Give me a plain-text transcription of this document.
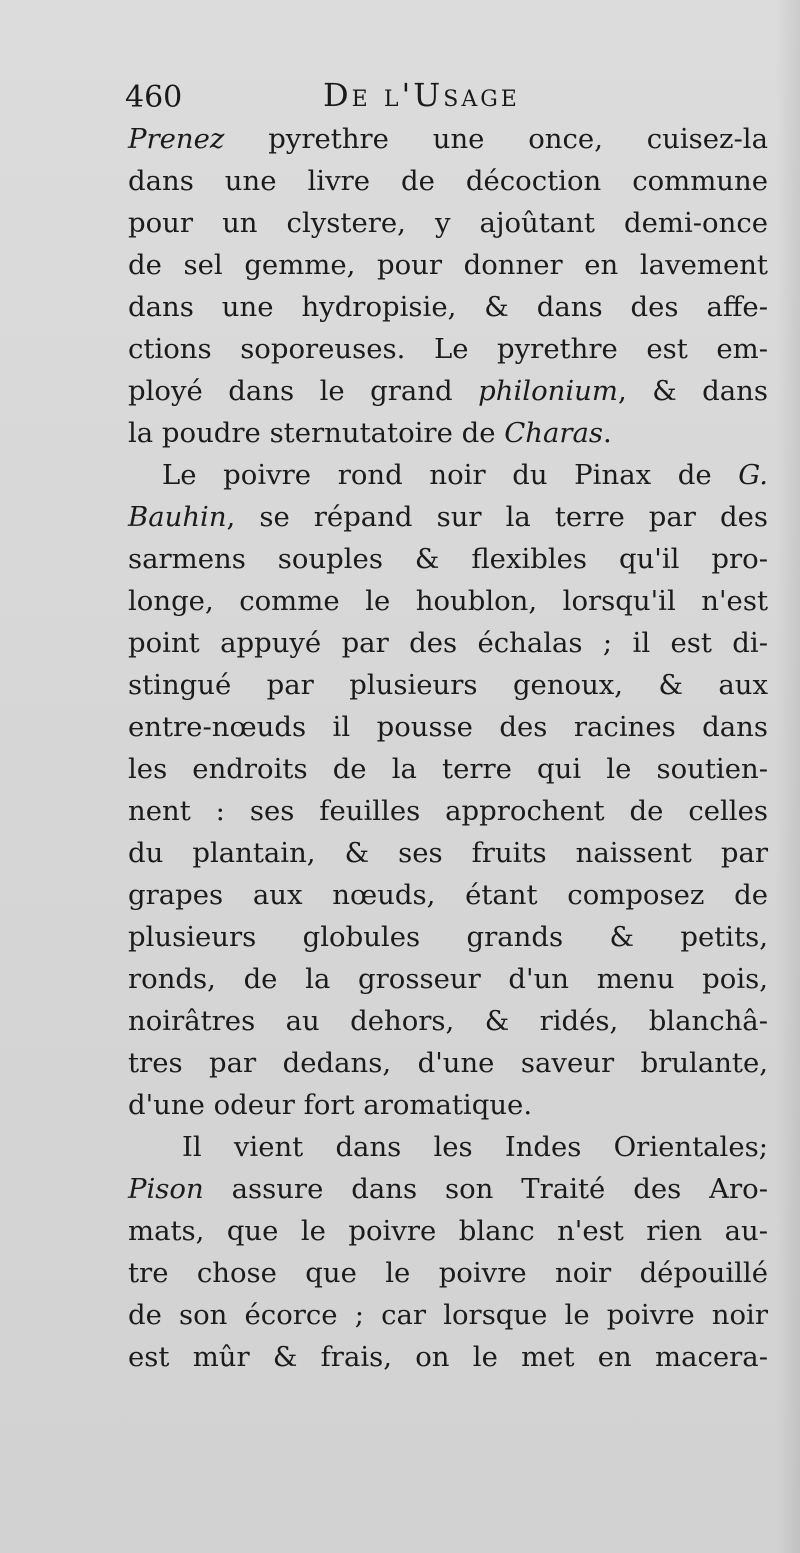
460	De l'Usage
Prenez pyrethre une once, cuisez-la
dans une livre de décoction commune
pour un clystere, y ajoûtant demi-once
de sel gemme, pour donner en lavement
dans une hydropisie, & dans des affe-
ctions soporeuses. Le pyrethre est em-
ployé dans le grand philonium, & dans
la poudre sternutatoire de Charas.
Le poivre rond noir du Pinax de G.
Bauhin, se répand sur la terre par des
sarmens souples & flexibles qu'il pro-
longe, comme le houblon, lorsqu'il n'est
point appuyé par des échalas ; il est di-
stingué par plusieurs genoux, & aux
entre-nœuds il pousse des racines dans
les endroits de la terre qui le soutien-
nent : ses feuilles approchent de celles
du plantain, & ses fruits naissent par
grapes aux nœuds, étant composez de
plusieurs globules grands & petits,
ronds, de la grosseur d'un menu pois,
noirâtres au dehors, & ridés, blanchâ-
tres par dedans, d'une saveur brulante,
d'une odeur fort aromatique.
Il vient dans les Indes Orientales;
Pison assure dans son Traité des Aro-
mats, que le poivre blanc n'est rien au-
tre chose que le poivre noir dépouillé
de son écorce ; car lorsque le poivre noir
est mûr & frais, on le met en macera-
